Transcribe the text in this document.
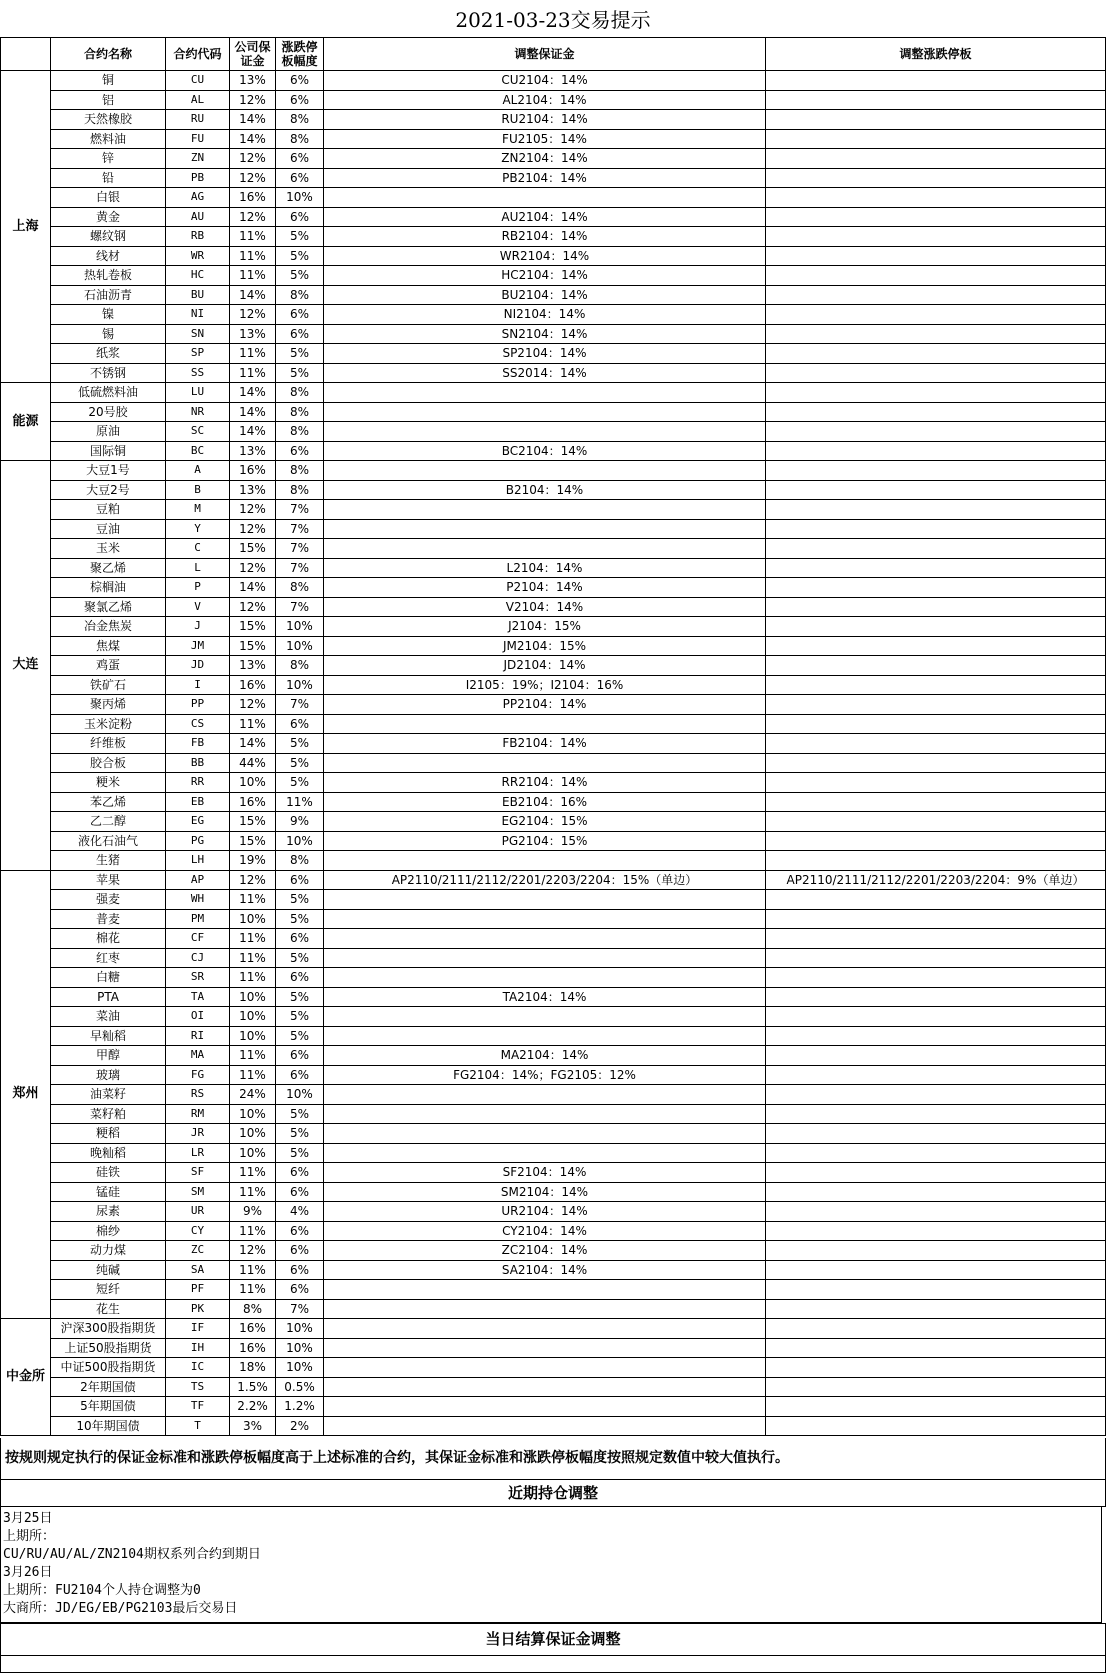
2021-03-23交易提示
	合约名称	合约代码	公司保证金	涨跌停板幅度	调整保证金	调整涨跌停板
上海	铜	CU	13%	6%	CU2104：14%	
	铝	AL	12%	6%	AL2104：14%	
	天然橡胶	RU	14%	8%	RU2104：14%	
	燃料油	FU	14%	8%	FU2105：14%	
	锌	ZN	12%	6%	ZN2104：14%	
	铅	PB	12%	6%	PB2104：14%	
	白银	AG	16%	10%		
	黄金	AU	12%	6%	AU2104：14%	
	螺纹钢	RB	11%	5%	RB2104：14%	
	线材	WR	11%	5%	WR2104：14%	
	热轧卷板	HC	11%	5%	HC2104：14%	
	石油沥青	BU	14%	8%	BU2104：14%	
	镍	NI	12%	6%	NI2104：14%	
	锡	SN	13%	6%	SN2104：14%	
	纸浆	SP	11%	5%	SP2104：14%	
	不锈钢	SS	11%	5%	SS2014：14%	
能源	低硫燃料油	LU	14%	8%		
	20号胶	NR	14%	8%		
	原油	SC	14%	8%		
	国际铜	BC	13%	6%	BC2104：14%	
大连	大豆1号	A	16%	8%		
	大豆2号	B	13%	8%	B2104：14%	
	豆粕	M	12%	7%		
	豆油	Y	12%	7%		
	玉米	C	15%	7%		
	聚乙烯	L	12%	7%	L2104：14%	
	棕榈油	P	14%	8%	P2104：14%	
	聚氯乙烯	V	12%	7%	V2104：14%	
	冶金焦炭	J	15%	10%	J2104：15%	
	焦煤	JM	15%	10%	JM2104：15%	
	鸡蛋	JD	13%	8%	JD2104：14%	
	铁矿石	I	16%	10%	I2105：19%；I2104：16%	
	聚丙烯	PP	12%	7%	PP2104：14%	
	玉米淀粉	CS	11%	6%		
	纤维板	FB	14%	5%	FB2104：14%	
	胶合板	BB	44%	5%		
	粳米	RR	10%	5%	RR2104：14%	
	苯乙烯	EB	16%	11%	EB2104：16%	
	乙二醇	EG	15%	9%	EG2104：15%	
	液化石油气	PG	15%	10%	PG2104：15%	
	生猪	LH	19%	8%		
郑州	苹果	AP	12%	6%	AP2110/2111/2112/2201/2203/2204：15%（单边）	AP2110/2111/2112/2201/2203/2204：9%（单边）
	强麦	WH	11%	5%		
	普麦	PM	10%	5%		
	棉花	CF	11%	6%		
	红枣	CJ	11%	5%		
	白糖	SR	11%	6%		
	PTA	TA	10%	5%	TA2104：14%	
	菜油	OI	10%	5%		
	早籼稻	RI	10%	5%		
	甲醇	MA	11%	6%	MA2104：14%	
	玻璃	FG	11%	6%	FG2104：14%；FG2105：12%	
	油菜籽	RS	24%	10%		
	菜籽粕	RM	10%	5%		
	粳稻	JR	10%	5%		
	晚籼稻	LR	10%	5%		
	硅铁	SF	11%	6%	SF2104：14%	
	锰硅	SM	11%	6%	SM2104：14%	
	尿素	UR	9%	4%	UR2104：14%	
	棉纱	CY	11%	6%	CY2104：14%	
	动力煤	ZC	12%	6%	ZC2104：14%	
	纯碱	SA	11%	6%	SA2104：14%	
	短纤	PF	11%	6%		
	花生	PK	8%	7%		
中金所	沪深300股指期货	IF	16%	10%		
	上证50股指期货	IH	16%	10%		
	中证500股指期货	IC	18%	10%		
	2年期国债	TS	1.5%	0.5%		
	5年期国债	TF	2.2%	1.2%		
	10年期国债	T	3%	2%		
按规则规定执行的保证金标准和涨跌停板幅度高于上述标准的合约，其保证金标准和涨跌停板幅度按照规定数值中较大值执行。
近期持仓调整
3月25日
上期所：
CU/RU/AU/AL/ZN2104期权系列合约到期日
3月26日
上期所：FU2104个人持仓调整为0
大商所：JD/EG/EB/PG2103最后交易日
当日结算保证金调整
